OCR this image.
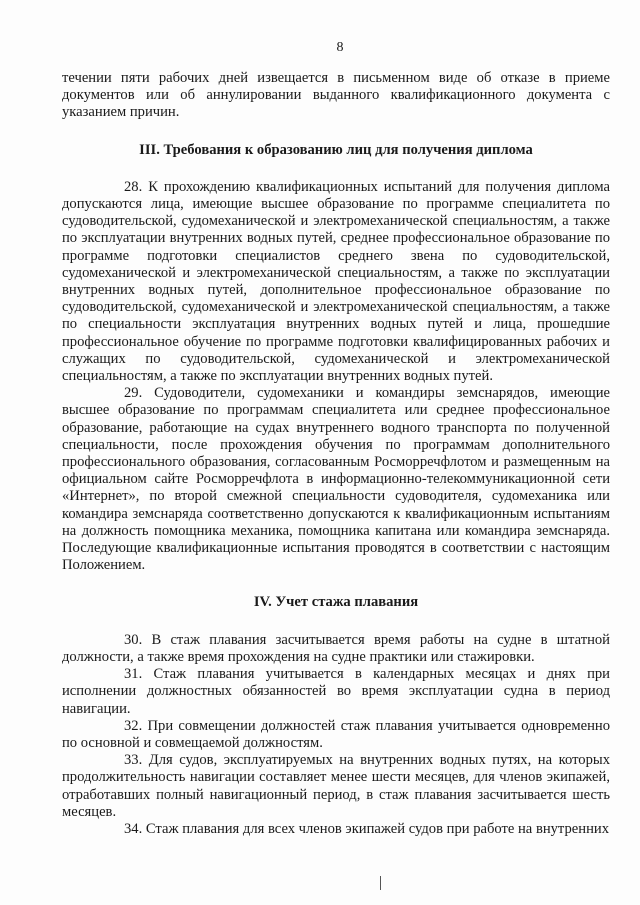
8

течении пяти рабочих дней извещается в письменном виде об отказе в приеме документов или об аннулировании выданного квалификационного документа с указанием причин.

III. Требования к образованию лиц для получения диплома

28. К прохождению квалификационных испытаний для получения диплома допускаются лица, имеющие высшее образование по программе специалитета по судоводительской, судомеханической и электромеханической специальностям, а также по эксплуатации внутренних водных путей, среднее профессиональное образование по программе подготовки специалистов среднего звена по судоводительской, судомеханической и электромеханической специальностям, а также по эксплуатации внутренних водных путей, дополнительное профессиональное образование по судоводительской, судомеханической и электромеханической специальностям, а также по специальности эксплуатация внутренних водных путей и лица, прошедшие профессиональное обучение по программе подготовки квалифицированных рабочих и служащих по судоводительской, судомеханической и электромеханической специальностям, а также по эксплуатации внутренних водных путей.

29. Судоводители, судомеханики и командиры земснарядов, имеющие высшее образование по программам специалитета или среднее профессиональное образование, работающие на судах внутреннего водного транспорта по полученной специальности, после прохождения обучения по программам дополнительного профессионального образования, согласованным Росморречфлотом и размещенным на официальном сайте Росморречфлота в информационно-телекоммуникационной сети «Интернет», по второй смежной специальности судоводителя, судомеханика или командира земснаряда соответственно допускаются к квалификационным испытаниям на должность помощника механика, помощника капитана или командира земснаряда. Последующие квалификационные испытания проводятся в соответствии с настоящим Положением.

IV. Учет стажа плавания

30. В стаж плавания засчитывается время работы на судне в штатной должности, а также время прохождения на судне практики или стажировки.

31. Стаж плавания учитывается в календарных месяцах и днях при исполнении должностных обязанностей во время эксплуатации судна в период навигации.

32. При совмещении должностей стаж плавания учитывается одновременно по основной и совмещаемой должностям.

33. Для судов, эксплуатируемых на внутренних водных путях, на которых продолжительность навигации составляет менее шести месяцев, для членов экипажей, отработавших полный навигационный период, в стаж плавания засчитывается шесть месяцев.

34. Стаж плавания для всех членов экипажей судов при работе на внутренних
